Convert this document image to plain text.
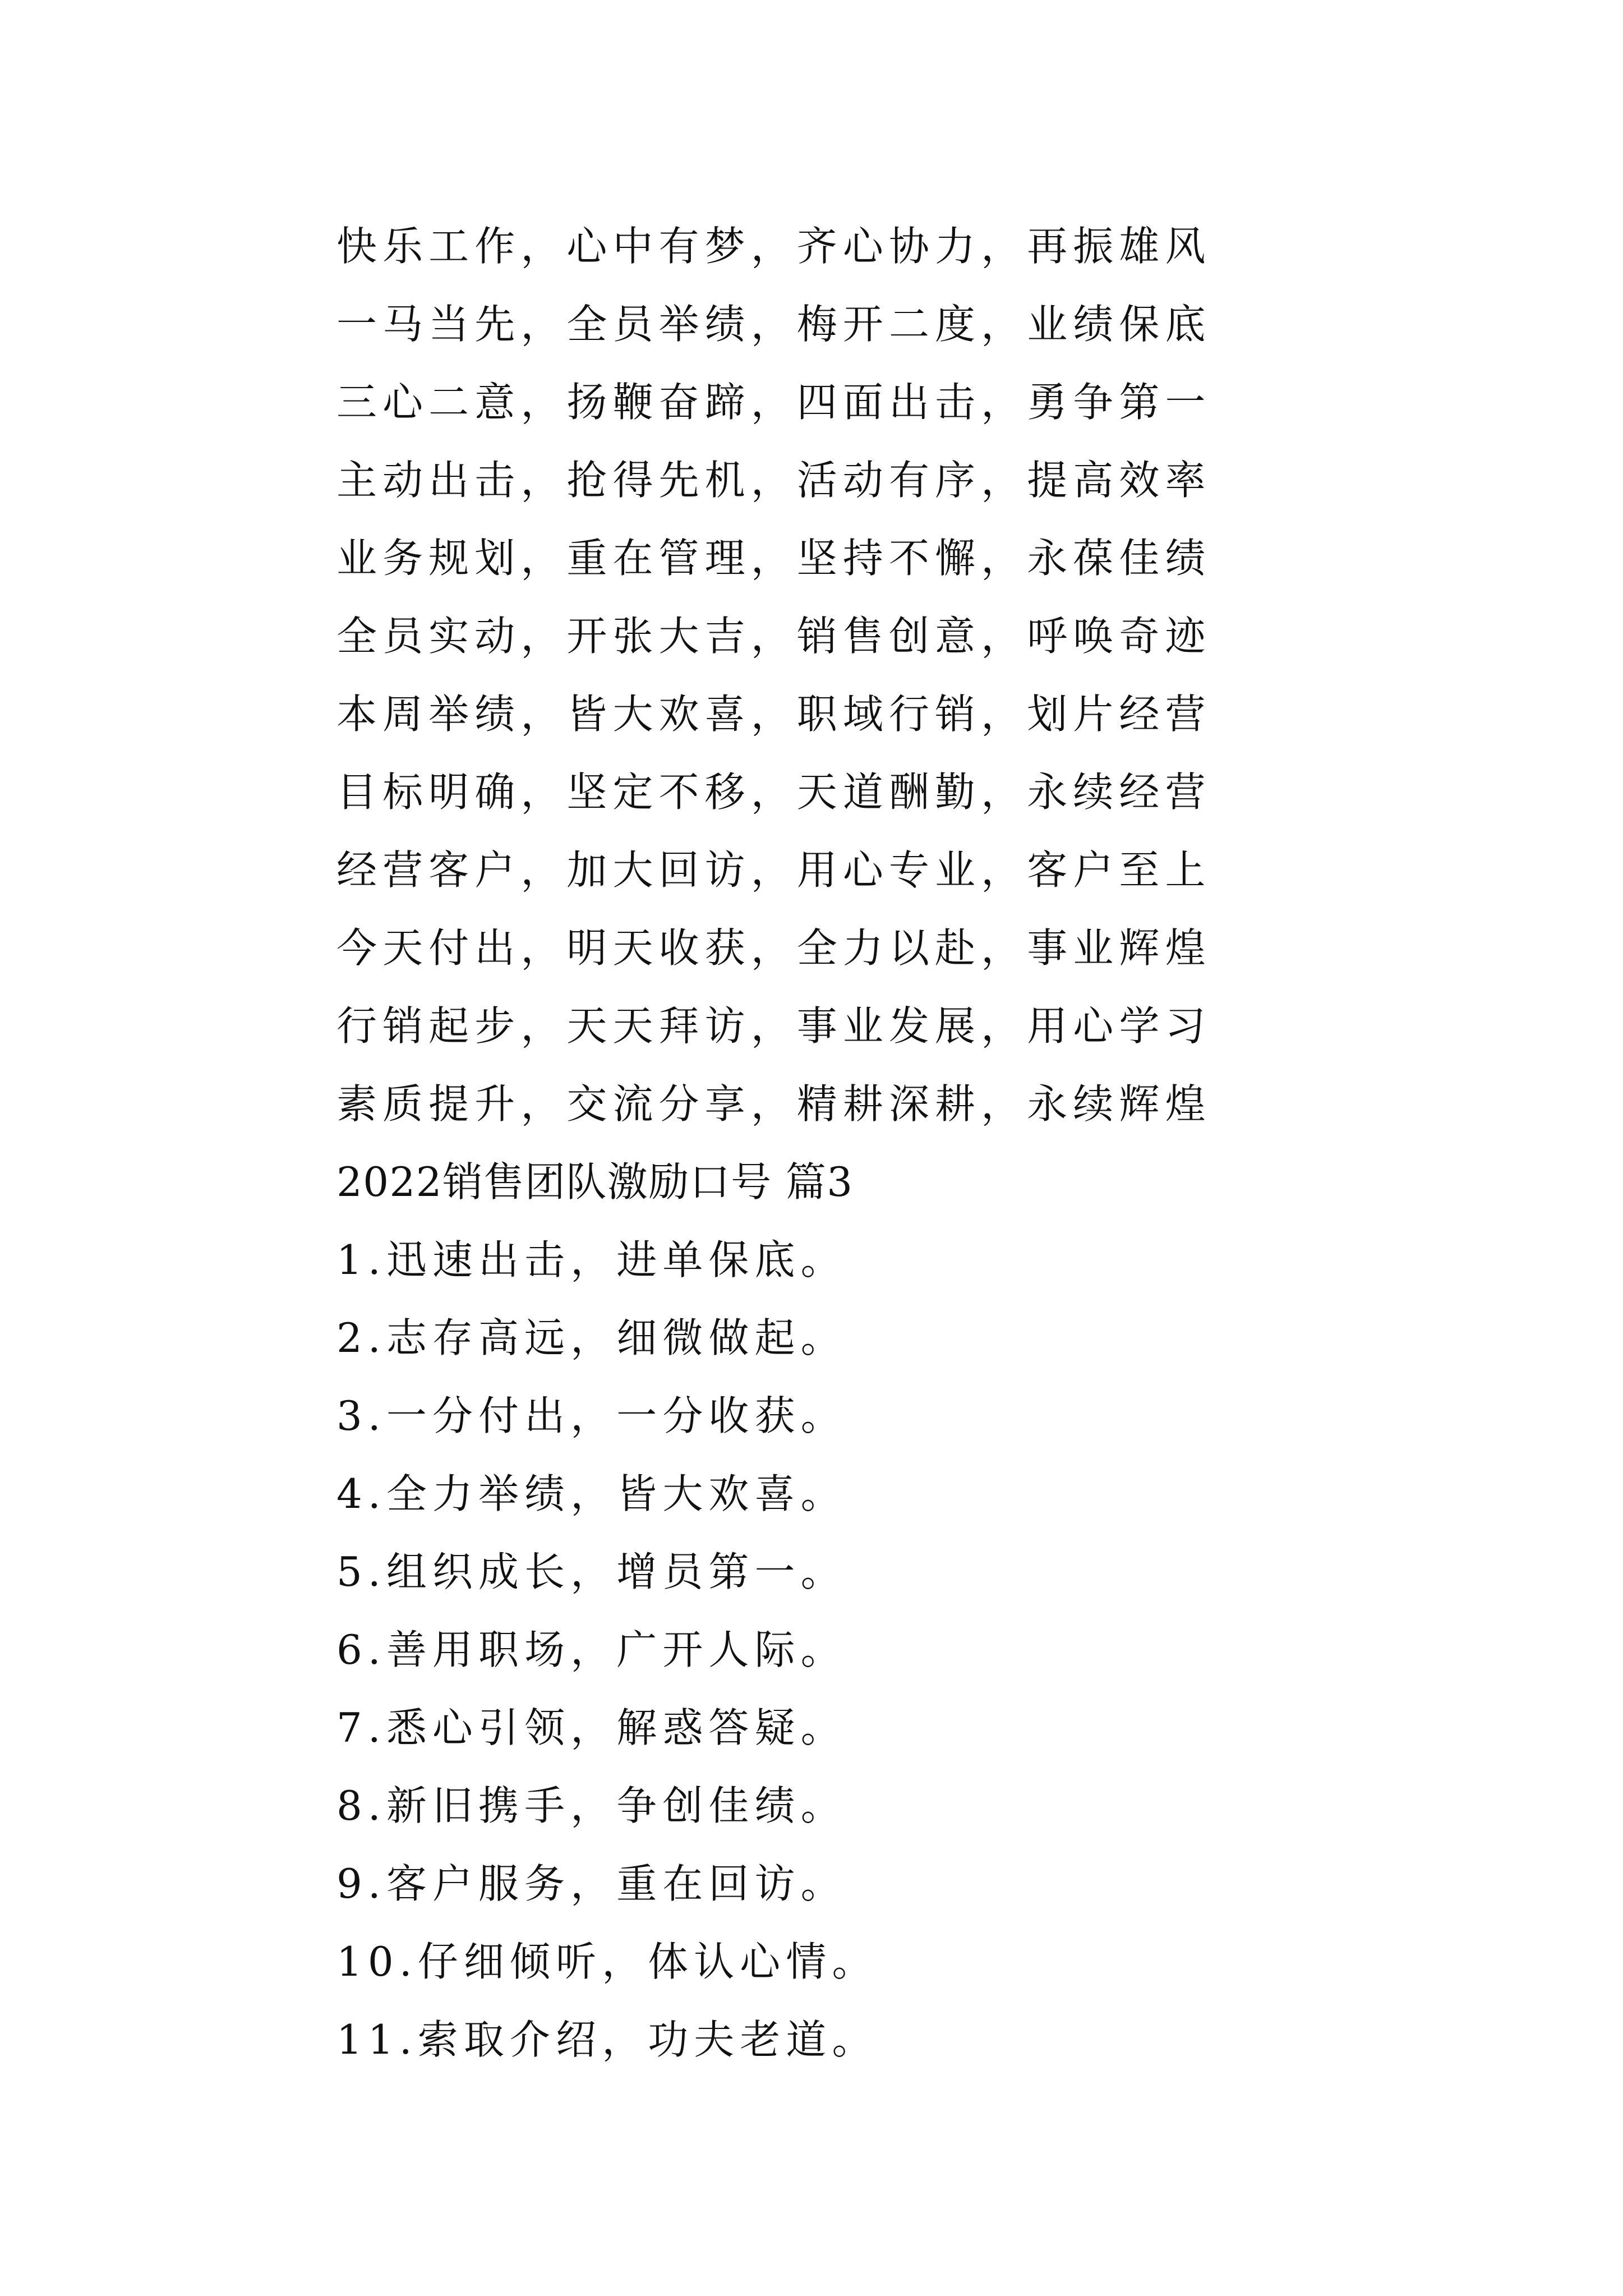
快乐工作，心中有梦，齐心协力，再振雄风
一马当先，全员举绩，梅开二度，业绩保底
三心二意，扬鞭奋蹄，四面出击，勇争第一
主动出击，抢得先机，活动有序，提高效率
业务规划，重在管理，坚持不懈，永葆佳绩
全员实动，开张大吉，销售创意，呼唤奇迹
本周举绩，皆大欢喜，职域行销，划片经营
目标明确，坚定不移，天道酬勤，永续经营
经营客户，加大回访，用心专业，客户至上
今天付出，明天收获，全力以赴，事业辉煌
行销起步，天天拜访，事业发展，用心学习
素质提升，交流分享，精耕深耕，永续辉煌
2022销售团队激励口号 篇3
1.迅速出击，进单保底。
2.志存高远，细微做起。
3.一分付出，一分收获。
4.全力举绩，皆大欢喜。
5.组织成长，增员第一。
6.善用职场，广开人际。
7.悉心引领，解惑答疑。
8.新旧携手，争创佳绩。
9.客户服务，重在回访。
10.仔细倾听，体认心情。
11.索取介绍，功夫老道。
